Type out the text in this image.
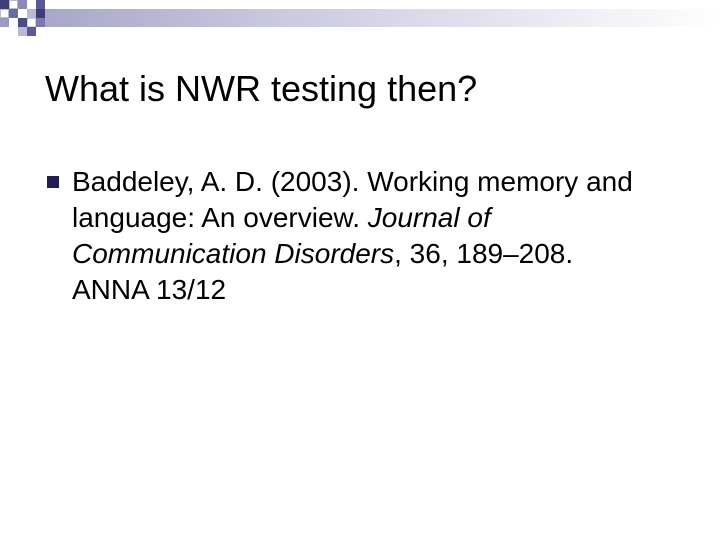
What is NWR testing then?
Baddeley, A. D. (2003). Working memory and language: An overview. Journal of Communication Disorders, 36, 189–208.
ANNA 13/12
